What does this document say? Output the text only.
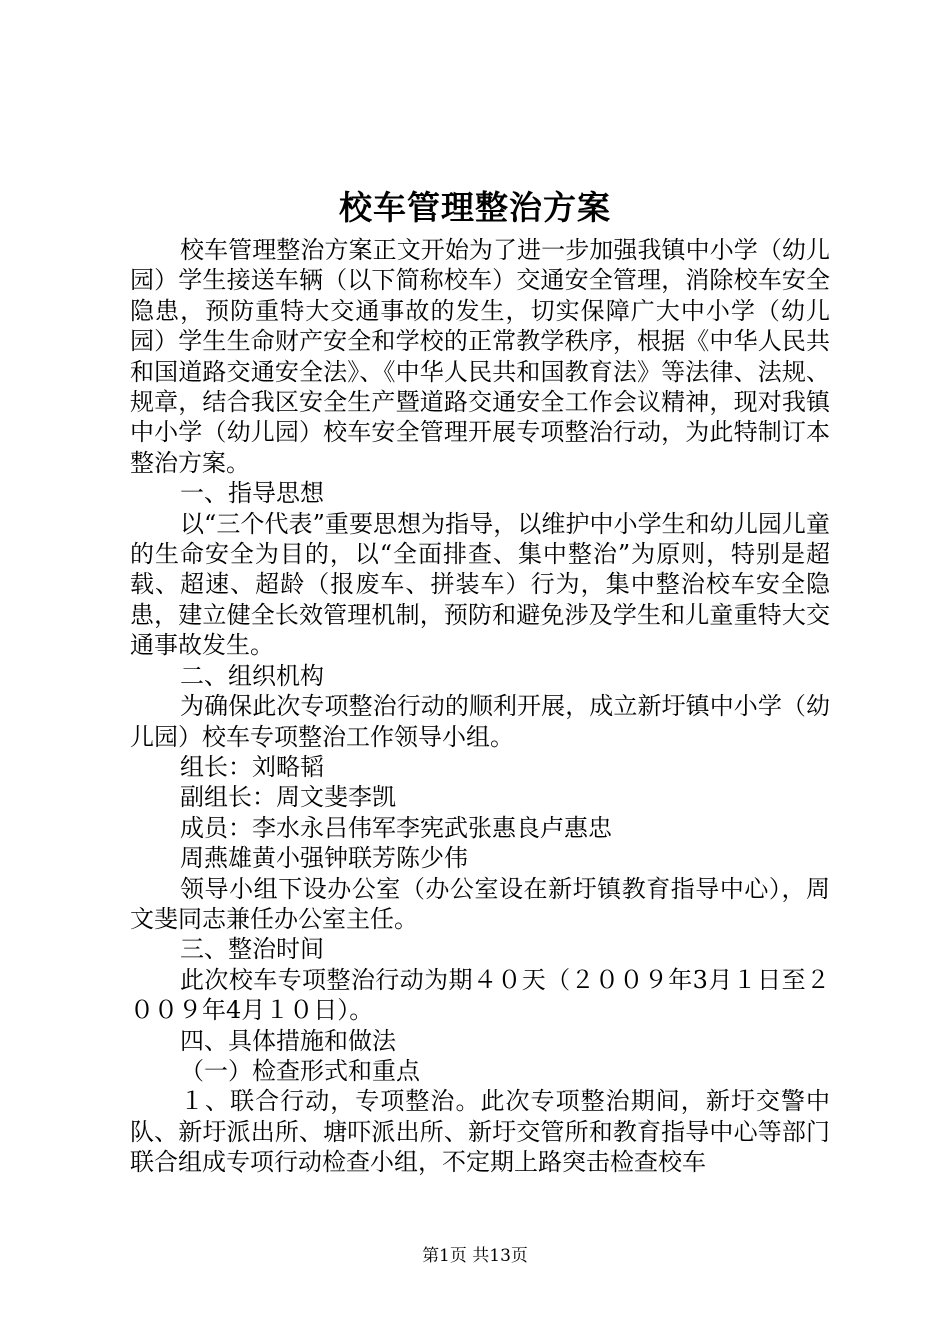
校车管理整治方案

校车管理整治方案正文开始为了进一步加强我镇中小学（幼儿园）学生接送车辆（以下简称校车）交通安全管理，消除校车安全隐患，预防重特大交通事故的发生，切实保障广大中小学（幼儿园）学生生命财产安全和学校的正常教学秩序，根据《中华人民共和国道路交通安全法》、《中华人民共和国教育法》等法律、法规、规章，结合我区安全生产暨道路交通安全工作会议精神，现对我镇中小学（幼儿园）校车安全管理开展专项整治行动，为此特制订本整治方案。

一、指导思想

以“三个代表”重要思想为指导，以维护中小学生和幼儿园儿童的生命安全为目的，以“全面排查、集中整治”为原则，特别是超载、超速、超龄（报废车、拼装车）行为，集中整治校车安全隐患，建立健全长效管理机制，预防和避免涉及学生和儿童重特大交通事故发生。

二、组织机构

为确保此次专项整治行动的顺利开展，成立新圩镇中小学（幼儿园）校车专项整治工作领导小组。

组长：刘略韬

副组长：周文斐李凯

成员：李水永吕伟军李宪武张惠良卢惠忠

周燕雄黄小强钟联芳陈少伟

领导小组下设办公室（办公室设在新圩镇教育指导中心），周文斐同志兼任办公室主任。

三、整治时间

此次校车专项整治行动为期４０天（２００９年3月１日至２００９年4月１０日）。

四、具体措施和做法

（一）检查形式和重点

１、联合行动，专项整治。此次专项整治期间，新圩交警中队、新圩派出所、塘吓派出所、新圩交管所和教育指导中心等部门联合组成专项行动检查小组，不定期上路突击检查校车

第1页 共13页
